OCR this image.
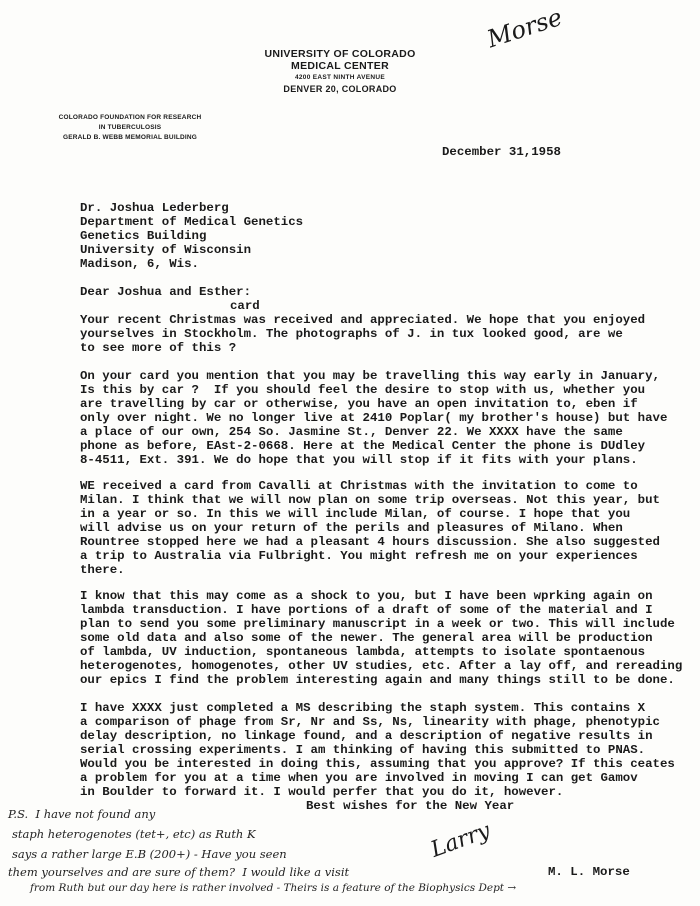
UNIVERSITY OF COLORADO
MEDICAL CENTER
4200 EAST NINTH AVENUE
DENVER 20, COLORADO
Morse
COLORADO FOUNDATION FOR RESEARCH
IN TUBERCULOSIS
GERALD B. WEBB MEMORIAL BUILDING
December 31,1958
Dr. Joshua Lederberg
Department of Medical Genetics
Genetics Building
University of Wisconsin
Madison, 6, Wis.
Dear Joshua and Esther:
card
Your recent Christmas was received and appreciated. We hope that you enjoyed
yourselves in Stockholm. The photographs of J. in tux looked good, are we
to see more of this ?
On your card you mention that you may be travelling this way early in January,
Is this by car ?  If you should feel the desire to stop with us, whether you
are travelling by car or otherwise, you have an open invitation to, eben if
only over night. We no longer live at 2410 Poplar( my brother's house) but have
a place of our own, 254 So. Jasmine St., Denver 22. We XXXX have the same
phone as before, EAst-2-0668. Here at the Medical Center the phone is DUdley
8-4511, Ext. 391. We do hope that you will stop if it fits with your plans.
WE received a card from Cavalli at Christmas with the invitation to come to
Milan. I think that we will now plan on some trip overseas. Not this year, but
in a year or so. In this we will include Milan, of course. I hope that you
will advise us on your return of the perils and pleasures of Milano. When
Rountree stopped here we had a pleasant 4 hours discussion. She also suggested
a trip to Australia via Fulbright. You might refresh me on your experiences
there.
I know that this may come as a shock to you, but I have been wprking again on
lambda transduction. I have portions of a draft of some of the material and I
plan to send you some preliminary manuscript in a week or two. This will include
some old data and also some of the newer. The general area will be production
of lambda, UV induction, spontaneous lambda, attempts to isolate spontaenous
heterogenotes, homogenotes, other UV studies, etc. After a lay off, and rereading
our epics I find the problem interesting again and many things still to be done.
I have XXXX just completed a MS describing the staph system. This contains X
a comparison of phage from Sr, Nr and Ss, Ns, linearity with phage, phenotypic
delay description, no linkage found, and a description of negative results in
serial crossing experiments. I am thinking of having this submitted to PNAS.
Would you be interested in doing this, assuming that you approve? If this ceates
a problem for you at a time when you are involved in moving I can get Gamov
in Boulder to forward it. I would perfer that you do it, however.
Best wishes for the New Year
Larry
M. L. Morse
P.S.  I have not found any
staph heterogenotes (tet+, etc) as Ruth K
says a rather large E.B (200+) - Have you seen
them yourselves and are sure of them?  I would like a visit
from Ruth but our day here is rather involved - Theirs is a feature of the Biophysics Dept →
